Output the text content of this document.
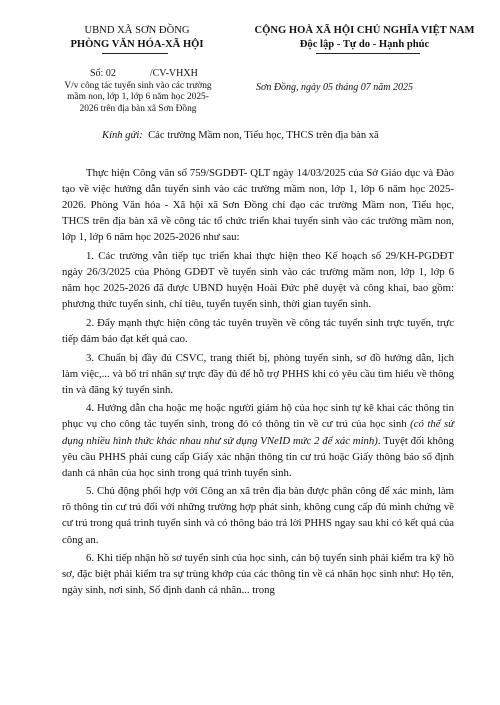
UBND XÃ SƠN ĐỒNG
PHÒNG VĂN HÓA-XÃ HỘI
CỘNG HOÀ XÃ HỘI CHỦ NGHĨA VIỆT NAM
Độc lập - Tự do - Hạnh phúc
Số: 02	/CV-VHXH
V/v công tác tuyển sinh vào các trường mầm non, lớp 1, lớp 6 năm học 2025-2026 trên địa bàn xã Sơn Đồng
Sơn Đồng, ngày 05 tháng 07 năm 2025
Kính gửi: Các trường Mầm non, Tiểu học, THCS trên địa bàn xã

Thực hiện Công văn số 759/SGDĐT- QLT ngày 14/03/2025 của Sở Giáo dục và Đào tạo về việc hướng dẫn tuyển sinh vào các trường mầm non, lớp 1, lớp 6 năm học 2025-2026. Phòng Văn hóa - Xã hội xã Sơn Đồng chỉ đạo các trường Mầm non, Tiểu học, THCS trên địa bàn xã về công tác tổ chức triển khai tuyển sinh vào các trường mầm non, lớp 1, lớp 6 năm học 2025-2026 như sau:

1. Các trường vẫn tiếp tục triển khai thực hiện theo Kế hoạch số 29/KH-PGDĐT ngày 26/3/2025 của Phòng GDĐT về tuyển sinh vào các trường mầm non, lớp 1, lớp 6 năm học 2025-2026 đã được UBND huyện Hoài Đức phê duyệt và công khai, bao gồm: phương thức tuyển sinh, chỉ tiêu, tuyển tuyển sinh, thời gian tuyển sinh.

2. Đẩy mạnh thực hiện công tác tuyên truyền về công tác tuyển sinh trực tuyến, trực tiếp đảm bảo đạt kết quả cao.

3. Chuẩn bị đầy đủ CSVC, trang thiết bị, phòng tuyển sinh, sơ đồ hướng dẫn, lịch làm việc,... và bố trí nhân sự trực đầy đủ để hỗ trợ PHHS khi có yêu cầu tìm hiểu về thông tin và đăng ký tuyển sinh.

4. Hướng dẫn cha hoặc mẹ hoặc người giám hộ của học sinh tự kê khai các thông tin phục vụ cho công tác tuyển sinh, trong đó có thông tin về cư trú của học sinh (có thể sử dụng nhiều hình thức khác nhau như sử dụng VNeID mức 2 để xác minh). Tuyệt đối không yêu cầu PHHS phải cung cấp Giấy xác nhận thông tin cư trú hoặc Giấy thông báo số định danh cá nhân của học sinh trong quá trình tuyển sinh.

5. Chủ động phối hợp với Công an xã trên địa bàn được phân công để xác minh, làm rõ thông tin cư trú đối với những trường hợp phát sinh, không cung cấp đủ minh chứng về cư trú trong quá trình tuyển sinh và có thông báo trả lời PHHS ngay sau khi có kết quả của công an.

6. Khi tiếp nhận hồ sơ tuyển sinh của học sinh, cán bộ tuyển sinh phải kiểm tra kỹ hồ sơ, đặc biệt phải kiểm tra sự trùng khớp của các thông tin về cá nhân học sinh như: Họ tên, ngày sinh, nơi sinh, Số định danh cá nhân... trong
